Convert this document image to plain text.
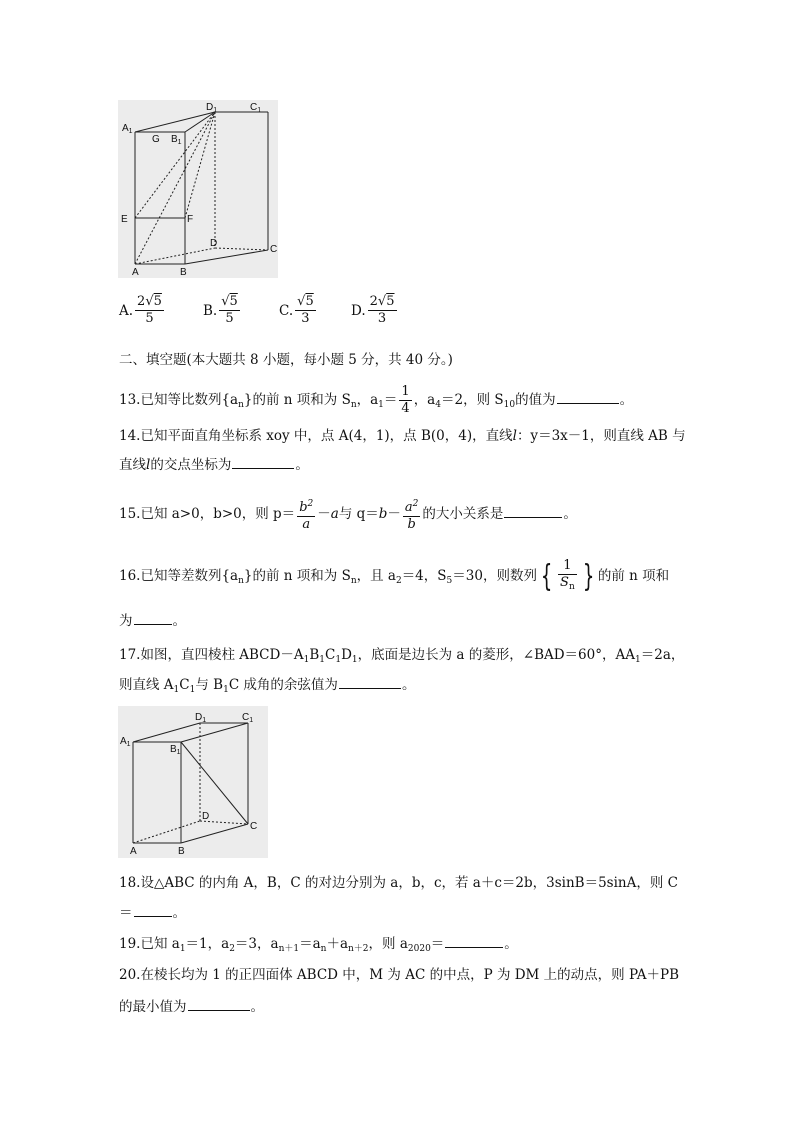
$A_1$
G $B_1$
$D_1$	$C_1$
E	F
D
C
A	B
A. $\frac{2√5}{5}$	B. $\frac{√5}{5}$	C. $\frac{√5}{3}$	D. $\frac{2√5}{3}$
二、填空题(本大题共 8 小题，每小题 5 分，共 40 分。)
13.已知等比数列$\{a_n\}$的前 n 项和为 $S_n$，$a_1= \frac{1}{4}$ ，$a_4=2$，则 $S_{10}$的值为	。
14.已知平面直角坐标系 xoy 中，点 A(4，1)，点 B(0，4)，直线l：y＝3x－1，则直线 AB 与
直线l的交点坐标为	。
15.已知 a>0，b>0，则 $p= \frac{b^2}{a} -a$与 $q=b- \frac{a^2}{b}$ 的大小关系是	。
16.已知等差数列$\{a_n\}$的前 n 项和为 $S_n$，且 $a_2=4$，$S_5=30$，则数列 { $\frac{1}{S_n}$ } 的前 n 项和
为	。
17.如图，直四棱柱 $ABCD-A_1B_1C_1D_1$，底面是边长为 a 的菱形，∠BAD＝60°，$AA_1=2a$，
则直线 $A_1C_1$与 $B_1C$ 成角的余弦值为	。
$A_1$	$B_1$
$D_1$	$C_1$
D
C
A	B
18.设△ABC 的内角 A，B，C 的对边分别为 a，b，c，若 a＋c＝2b，3sinB＝5sinA，则 C
＝	。
19.已知 $a_1=1$，$a_2=3$，$a_{n+1}=a_n+a_{n+2}$，则 $a_{2020}=$	。
20.在棱长均为 1 的正四面体 ABCD 中，M 为 AC 的中点，P 为 DM 上的动点，则 PA＋PB
的最小值为	。
